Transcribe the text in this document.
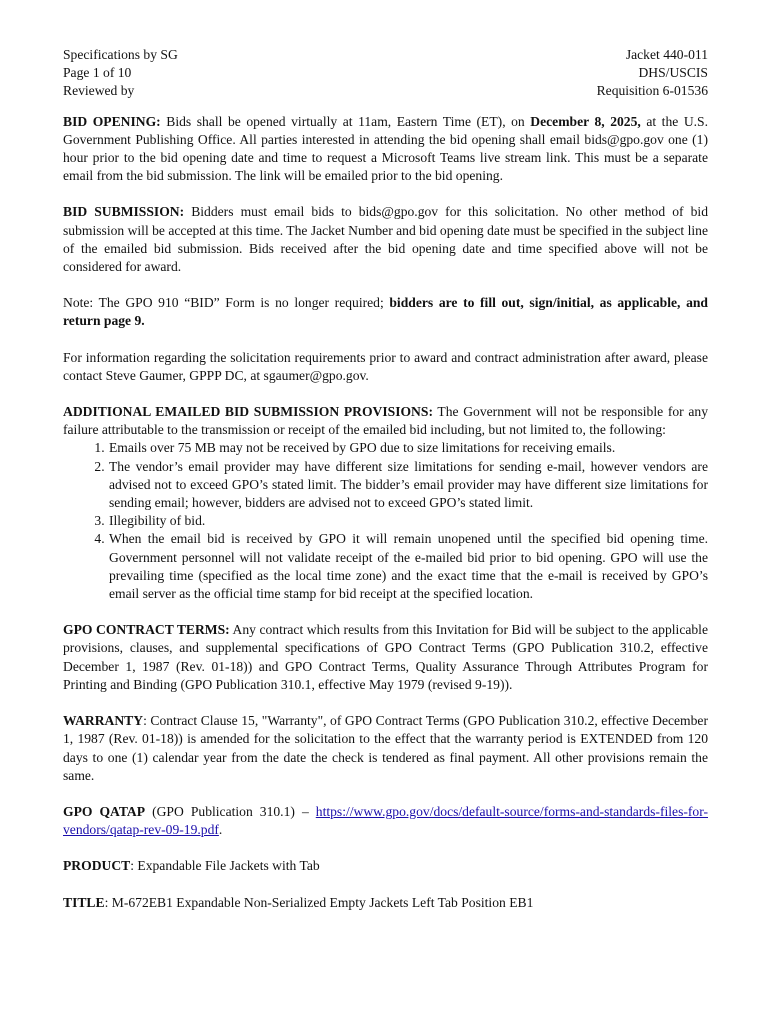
Specifications by SG
Page 1 of 10
Reviewed by
Jacket 440-011
DHS/USCIS
Requisition 6-01536

BID OPENING: Bids shall be opened virtually at 11am, Eastern Time (ET), on December 8, 2025, at the U.S. Government Publishing Office. All parties interested in attending the bid opening shall email bids@gpo.gov one (1) hour prior to the bid opening date and time to request a Microsoft Teams live stream link. This must be a separate email from the bid submission. The link will be emailed prior to the bid opening.

BID SUBMISSION: Bidders must email bids to bids@gpo.gov for this solicitation. No other method of bid submission will be accepted at this time. The Jacket Number and bid opening date must be specified in the subject line of the emailed bid submission. Bids received after the bid opening date and time specified above will not be considered for award.

Note: The GPO 910 “BID” Form is no longer required; bidders are to fill out, sign/initial, as applicable, and return page 9.

For information regarding the solicitation requirements prior to award and contract administration after award, please contact Steve Gaumer, GPPP DC, at sgaumer@gpo.gov.

ADDITIONAL EMAILED BID SUBMISSION PROVISIONS: The Government will not be responsible for any failure attributable to the transmission or receipt of the emailed bid including, but not limited to, the following:

1. Emails over 75 MB may not be received by GPO due to size limitations for receiving emails.
2. The vendor’s email provider may have different size limitations for sending e-mail, however vendors are advised not to exceed GPO’s stated limit. The bidder’s email provider may have different size limitations for sending email; however, bidders are advised not to exceed GPO’s stated limit.
3. Illegibility of bid.
4. When the email bid is received by GPO it will remain unopened until the specified bid opening time. Government personnel will not validate receipt of the e-mailed bid prior to bid opening. GPO will use the prevailing time (specified as the local time zone) and the exact time that the e-mail is received by GPO’s email server as the official time stamp for bid receipt at the specified location.

GPO CONTRACT TERMS: Any contract which results from this Invitation for Bid will be subject to the applicable provisions, clauses, and supplemental specifications of GPO Contract Terms (GPO Publication 310.2, effective December 1, 1987 (Rev. 01-18)) and GPO Contract Terms, Quality Assurance Through Attributes Program for Printing and Binding (GPO Publication 310.1, effective May 1979 (revised 9-19)).

WARRANTY: Contract Clause 15, "Warranty", of GPO Contract Terms (GPO Publication 310.2, effective December 1, 1987 (Rev. 01-18)) is amended for the solicitation to the effect that the warranty period is EXTENDED from 120 days to one (1) calendar year from the date the check is tendered as final payment. All other provisions remain the same.

GPO QATAP (GPO Publication 310.1) – https://www.gpo.gov/docs/default-source/forms-and-standards-files-for-vendors/qatap-rev-09-19.pdf.

PRODUCT: Expandable File Jackets with Tab

TITLE: M-672EB1 Expandable Non-Serialized Empty Jackets Left Tab Position EB1
